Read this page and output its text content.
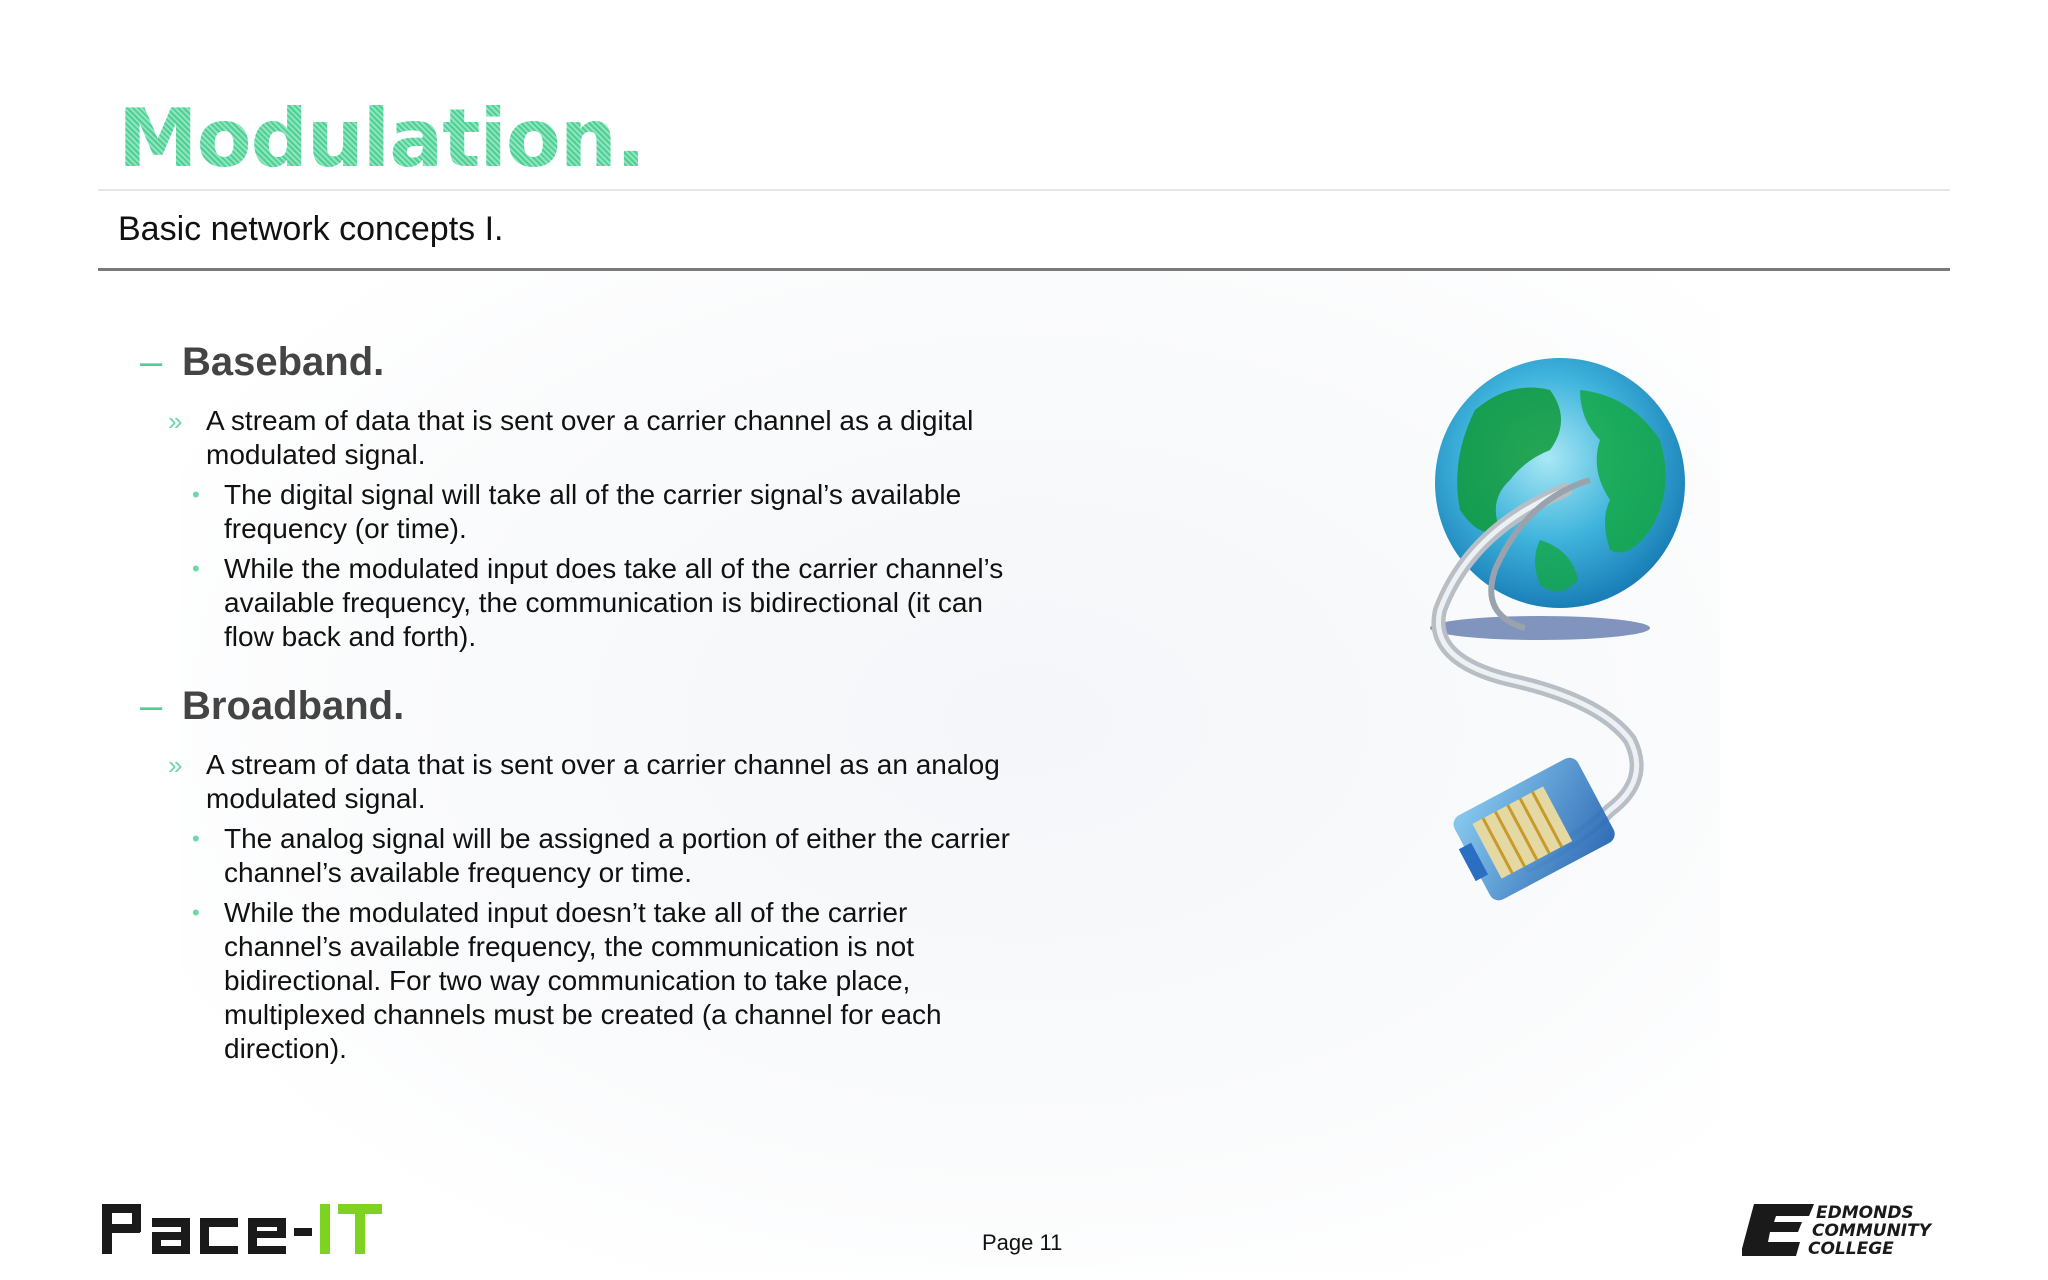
Modulation.
Basic network concepts I.
– Baseband.
» A stream of data that is sent over a carrier channel as a digital modulated signal.
• The digital signal will take all of the carrier signal’s available frequency (or time).
• While the modulated input does take all of the carrier channel’s available frequency, the communication is bidirectional (it can flow back and forth).
– Broadband.
» A stream of data that is sent over a carrier channel as an analog modulated signal.
• The analog signal will be assigned a portion of either the carrier channel’s available frequency or time.
• While the modulated input doesn’t take all of the carrier channel’s available frequency, the communication is not bidirectional. For two way communication to take place, multiplexed channels must be created (a channel for each direction).
Page 11
EDMONDS
COMMUNITY
COLLEGE
